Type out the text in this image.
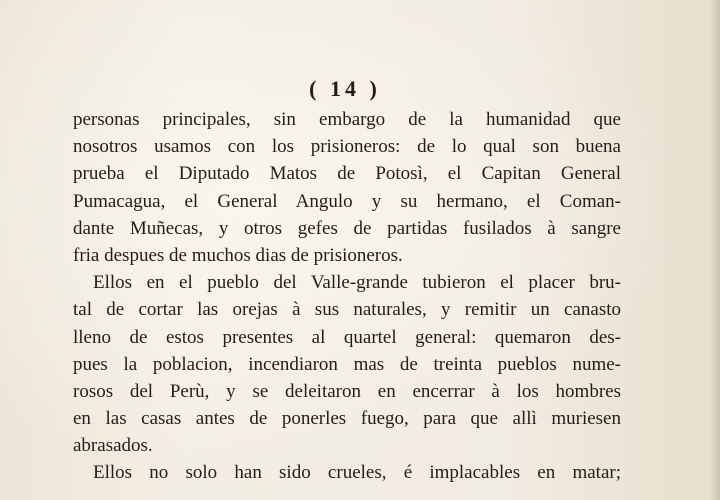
( 14 )
personas principales, sin embargo de la humanidad que
nosotros usamos con los prisioneros: de lo qual son buena
prueba el Diputado Matos de Potosì, el Capitan General
Pumacagua, el General Angulo y su hermano, el Coman-
dante Muñecas, y otros gefes de partidas fusilados à sangre
fria despues de muchos dias de prisioneros.
Ellos en el pueblo del Valle-grande tubieron el placer bru-
tal de cortar las orejas à sus naturales, y remitir un canasto
lleno de estos presentes al quartel general: quemaron des-
pues la poblacion, incendiaron mas de treinta pueblos nume-
rosos del Perù, y se deleitaron en encerrar à los hombres
en las casas antes de ponerles fuego, para que allì muriesen
abrasados.
Ellos no solo han sido crueles, é implacables en matar;
